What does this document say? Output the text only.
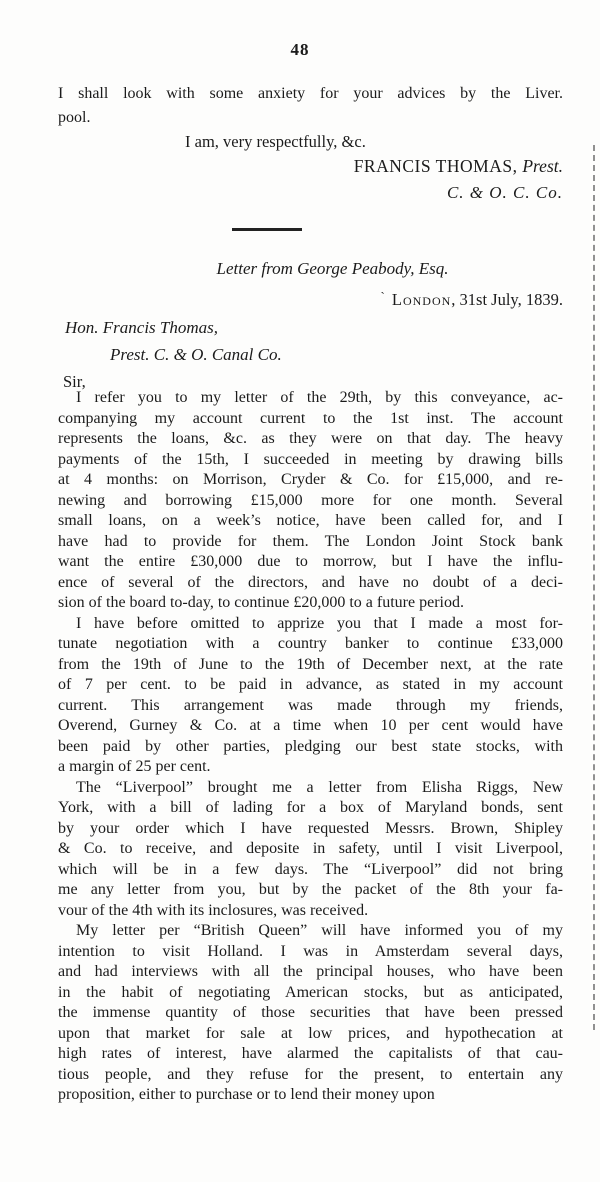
48
I shall look with some anxiety for your advices by the Liver.
pool.
I am, very respectfully, &c.
FRANCIS THOMAS, Prest.
C. & O. C. Co.
Letter from George Peabody, Esq.
` London, 31st July, 1839.
Hon. Francis Thomas,
Prest. C. & O. Canal Co.
Sir,
I refer you to my letter of the 29th, by this conveyance, ac-
companying my account current to the 1st inst. The account
represents the loans, &c. as they were on that day. The heavy
payments of the 15th, I succeeded in meeting by drawing bills
at 4 months: on Morrison, Cryder & Co. for £15,000, and re-
newing and borrowing £15,000 more for one month. Several
small loans, on a week’s notice, have been called for, and I
have had to provide for them. The London Joint Stock bank
want the entire £30,000 due to morrow, but I have the influ-
ence of several of the directors, and have no doubt of a deci-
sion of the board to-day, to continue £20,000 to a future period.
I have before omitted to apprize you that I made a most for-
tunate negotiation with a country banker to continue £33,000
from the 19th of June to the 19th of December next, at the rate
of 7 per cent. to be paid in advance, as stated in my account
current. This arrangement was made through my friends,
Overend, Gurney & Co. at a time when 10 per cent would have
been paid by other parties, pledging our best state stocks, with
a margin of 25 per cent.
The “Liverpool” brought me a letter from Elisha Riggs, New
York, with a bill of lading for a box of Maryland bonds, sent
by your order which I have requested Messrs. Brown, Shipley
& Co. to receive, and deposite in safety, until I visit Liverpool,
which will be in a few days. The “Liverpool” did not bring
me any letter from you, but by the packet of the 8th your fa-
vour of the 4th with its inclosures, was received.
My letter per “British Queen” will have informed you of my
intention to visit Holland. I was in Amsterdam several days,
and had interviews with all the principal houses, who have been
in the habit of negotiating American stocks, but as anticipated,
the immense quantity of those securities that have been pressed
upon that market for sale at low prices, and hypothecation at
high rates of interest, have alarmed the capitalists of that cau-
tious people, and they refuse for the present, to entertain any
proposition, either to purchase or to lend their money upon
